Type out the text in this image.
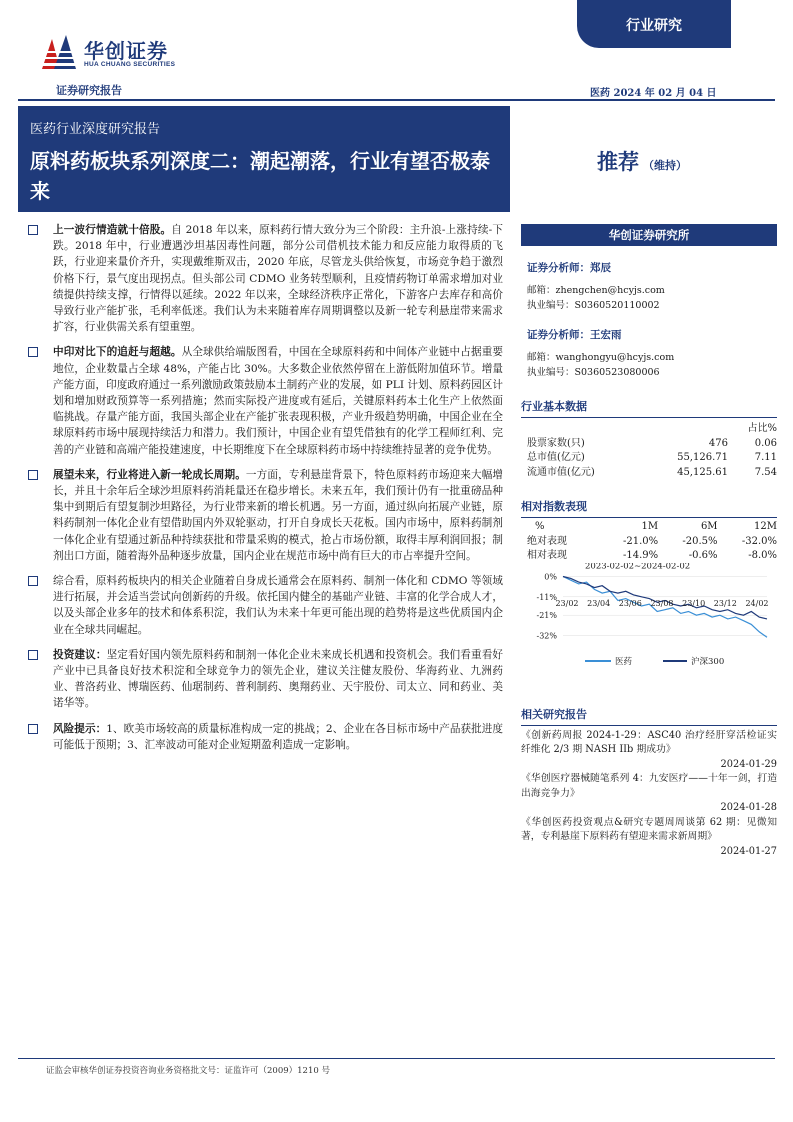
华创证券
HUA CHUANG SECURITIES
行业研究
证券研究报告	医药 2024 年 02 月 04 日
医药行业深度研究报告
原料药板块系列深度二：潮起潮落，行业有望否极泰来
推荐 （维持）
上一波行情造就十倍股。自 2018 年以来，原料药行情大致分为三个阶段：主升浪-上涨持续-下跌。2018 年中，行业遭遇沙坦基因毒性问题，部分公司借机技术能力和反应能力取得质的飞跃，行业迎来量价齐升，实现戴维斯双击，2020 年底，尽管龙头供给恢复，市场竞争趋于激烈价格下行，景气度出现拐点。但头部公司 CDMO 业务转型顺利，且疫情药物订单需求增加对业绩提供持续支撑，行情得以延续。2022 年以来，全球经济秩序正常化，下游客户去库存和高价导致行业产能扩张，毛利率低迷。我们认为未来随着库存周期调整以及新一轮专利悬崖带来需求扩容，行业供需关系有望重塑。
中印对比下的追赶与超越。从全球供给端版图看，中国在全球原料药和中间体产业链中占据重要地位，企业数量占全球 48%，产能占比 30%。大多数企业依然停留在上游低附加值环节。增量产能方面，印度政府通过一系列激励政策鼓励本土制药产业的发展，如 PLI 计划、原料药园区计划和增加财政预算等一系列措施；然而实际投产进度或有延后，关键原料药本土化生产上依然面临挑战。存量产能方面，我国头部企业在产能扩张表现积极，产业升级趋势明确，中国企业在全球原料药市场中展现持续活力和潜力。我们预计，中国企业有望凭借独有的化学工程师红利、完善的产业链和高端产能投建速度，中长期维度下在全球原料药市场中持续维持显著的竞争优势。
展望未来，行业将进入新一轮成长周期。一方面，专利悬崖背景下，特色原料药市场迎来大幅增长，并且十余年后全球沙坦原料药消耗量还在稳步增长。未来五年，我们预计仍有一批重磅品种集中到期后有望复制沙坦路径，为行业带来新的增长机遇。另一方面，通过纵向拓展产业链，原料药制剂一体化企业有望借助国内外双轮驱动，打开自身成长天花板。国内市场中，原料药制剂一体化企业有望通过新品种持续获批和带量采购的模式，抢占市场份额，取得丰厚利润回报；制剂出口方面，随着海外品种逐步放量，国内企业在规范市场中尚有巨大的市占率提升空间。
综合看，原料药板块内的相关企业随着自身成长通常会在原料药、制剂一体化和 CDMO 等领域进行拓展，并会适当尝试向创新药的升级。依托国内健全的基础产业链、丰富的化学合成人才，以及头部企业多年的技术和体系积淀，我们认为未来十年更可能出现的趋势将是这些优质国内企业在全球共同崛起。
投资建议：坚定看好国内领先原料药和制剂一体化企业未来成长机遇和投资机会。我们看重看好产业中已具备良好技术积淀和全球竞争力的领先企业，建议关注健友股份、华海药业、九洲药业、普洛药业、博瑞医药、仙琚制药、普利制药、奥翔药业、天宇股份、司太立、同和药业、美诺华等。
风险提示：1、欧美市场较高的质量标准构成一定的挑战；2、企业在各目标市场中产品获批进度可能低于预期；3、汇率波动可能对企业短期盈利造成一定影响。
华创证券研究所
证券分析师：郑辰
邮箱：zhengchen@hcyjs.com
执业编号：S0360520110002
证券分析师：王宏雨
邮箱：wanghongyu@hcyjs.com
执业编号：S0360523080006
行业基本数据
		占比%
股票家数(只)	476	0.06
总市值(亿元)	55,126.71	7.11
流通市值(亿元)	45,125.61	7.54
相对指数表现
%	1M	6M	12M
绝对表现	-21.0%	-20.5%	-32.0%
相对表现	-14.9%	-0.6%	-8.0%
相关研究报告
《创新药周报 2024-1-29：ASC40 治疗经肝穿活检证实纤维化 2/3 期 NASH IIb 期成功》
2024-01-29
《华创医疗器械随笔系列 4：九安医疗——十年一剑，打造出海竞争力》
2024-01-28
《华创医药投资观点&研究专题周周谈第 62 期：见微知著，专利悬崖下原料药有望迎来需求新周期》
2024-01-27
2023-02-02~2024-02-02
0%
-11%
-21%
-32%
23/02 23/04 23/06 23/08 23/10 23/12 24/02
医药	沪深300
证监会审核华创证券投资咨询业务资格批文号：证监许可（2009）1210 号
